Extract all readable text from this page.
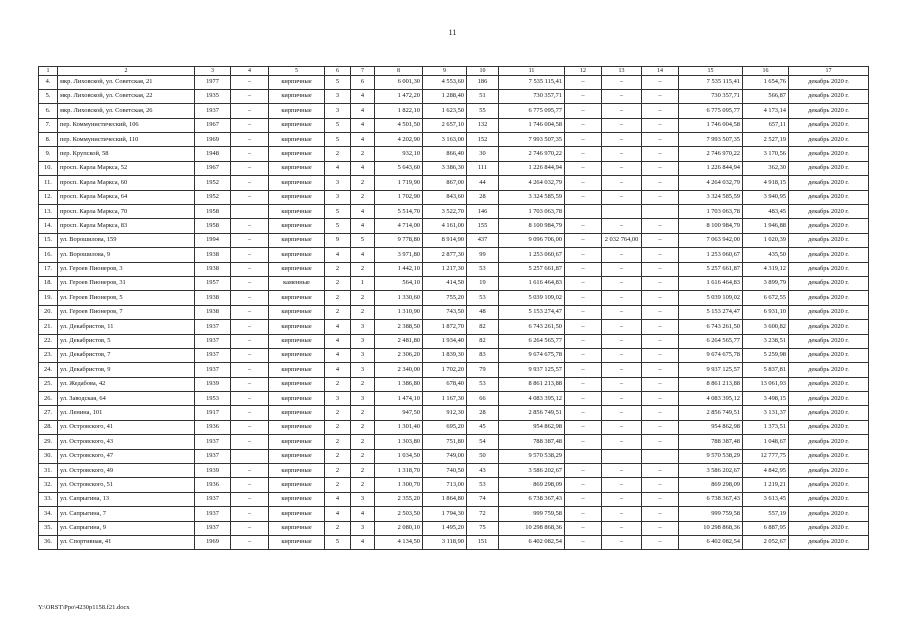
11
1	2	3	4	5	6	7	8	9	10	11	12	13	14	15	16	17
4.	мкр. Лиховской, ул. Советская, 21	1977	–	кирпичные	5	6	6 001,30	4 553,60	186	7 535 115,41	–	–	–	7 535 115,41	1 654,76	декабрь 2020 г.
5.	мкр. Лиховской, ул. Советская, 22	1935	–	кирпичные	3	4	1 472,20	1 288,40	51	730 357,71	–	–	–	730 357,71	566,87	декабрь 2020 г.
6.	мкр. Лиховской, ул. Советская, 26	1937	–	кирпичные	3	4	1 822,10	1 623,50	55	6 775 095,77	–	–	–	6 775 095,77	4 173,14	декабрь 2020 г.
7.	пер. Коммунистический, 106	1967	–	кирпичные	5	4	4 501,50	2 657,10	132	1 746 004,58	–	–	–	1 746 004,58	657,11	декабрь 2020 г.
8.	пер. Коммунистический, 110	1969	–	кирпичные	5	4	4 202,90	3 163,00	152	7 993 507,35	–	–	–	7 993 507,35	2 527,19	декабрь 2020 г.
9.	пер. Крупской, 58	1948	–	кирпичные	2	2	932,10	866,40	30	2 746 970,22	–	–	–	2 746 970,22	3 170,56	декабрь 2020 г.
10.	просп. Карла Маркса, 52	1967	–	кирпичные	4	4	5 643,60	3 386,30	111	1 226 844,94	–	–	–	1 226 844,94	362,30	декабрь 2020 г.
11.	просп. Карла Маркса, 60	1952	–	кирпичные	3	2	1 719,90	867,00	44	4 264 032,79	–	–	–	4 264 032,79	4 918,15	декабрь 2020 г.
12.	просп. Карла Маркса, 64	1952	–	кирпичные	3	2	1 702,90	843,60	28	3 324 585,59	–	–	–	3 324 585,59	3 940,95	декабрь 2020 г.
13.	просп. Карла Маркса, 70	1958		кирпичные	5	4	5 514,70	3 522,70	146	1 703 063,78				1 703 063,78	483,45	декабрь 2020 г.
14.	просп. Карла Маркса, 83	1958	–	кирпичные	5	4	4 714,00	4 161,00	155	8 100 984,79	–	–	–	8 100 984,79	1 946,88	декабрь 2020 г.
15.	ул. Ворошилова, 159	1994	–	кирпичные	9	5	9 778,80	8 914,90	437	9 096 706,00	–	2 032 764,00	–	7 063 942,00	1 020,39	декабрь 2020 г.
16.	ул. Ворошилова, 9	1938	–	кирпичные	4	4	3 971,80	2 877,30	99	1 253 060,67	–	–	–	1 253 060,67	435,50	декабрь 2020 г.
17.	ул. Героев Пионеров, 3	1938	–	кирпичные	2	2	1 442,10	1 217,30	53	5 257 661,87	–	–	–	5 257 661,87	4 319,12	декабрь 2020 г.
18.	ул. Героев Пионеров, 31	1957	–	каменные	2	1	564,10	414,50	19	1 616 464,83	–	–	–	1 616 464,83	3 899,79	декабрь 2020 г.
19.	ул. Героев Пионеров, 5	1938	–	кирпичные	2	2	1 330,60	755,20	53	5 039 109,02	–	–	–	5 039 109,02	6 672,55	декабрь 2020 г.
20.	ул. Героев Пионеров, 7	1938	–	кирпичные	2	2	1 310,90	743,50	48	5 153 274,47	–	–	–	5 153 274,47	6 931,10	декабрь 2020 г.
21.	ул. Декабристов, 11	1937	–	кирпичные	4	3	2 388,50	1 872,70	82	6 743 261,50	–	–	–	6 743 261,50	3 600,82	декабрь 2020 г.
22.	ул. Декабристов, 5	1937	–	кирпичные	4	3	2 481,80	1 934,40	82	6 264 565,77	–	–	–	6 264 565,77	3 238,51	декабрь 2020 г.
23.	ул. Декабристов, 7	1937	–	кирпичные	4	3	2 306,20	1 839,30	83	9 674 675,78	–	–	–	9 674 675,78	5 259,98	декабрь 2020 г.
24.	ул. Декабристов, 9	1937	–	кирпичные	4	3	2 340,00	1 702,20	79	9 937 125,57	–	–	–	9 937 125,57	5 837,81	декабрь 2020 г.
25.	ул. Жедабова, 42	1939	–	кирпичные	2	2	1 386,80	678,40	53	8 861 213,88	–	–	–	8 861 213,88	13 061,93	декабрь 2020 г.
26.	ул. Заводская, 64	1953	–	кирпичные	3	3	1 474,10	1 167,30	66	4 083 395,12	–	–	–	4 083 395,12	3 498,15	декабрь 2020 г.
27.	ул. Ленина, 101	1917	–	кирпичные	2	2	947,50	912,30	28	2 856 749,51	–	–	–	2 856 749,51	3 131,37	декабрь 2020 г.
28.	ул. Островского, 41	1936	–	кирпичные	2	2	1 301,40	695,20	45	954 862,98	–	–	–	954 862,98	1 373,51	декабрь 2020 г.
29.	ул. Островского, 43	1937	–	кирпичные	2	2	1 303,80	751,80	54	788 387,48	–	–	–	788 387,48	1 048,67	декабрь 2020 г.
30.	ул. Островского, 47	1937		кирпичные	2	2	1 034,50	749,00	50	9 570 538,29				9 570 538,29	12 777,75	декабрь 2020 г.
31.	ул. Островского, 49	1939	–	кирпичные	2	2	1 318,70	740,50	43	3 586 202,67	–	–	–	3 586 202,67	4 842,95	декабрь 2020 г.
32.	ул. Островского, 51	1936	–	кирпичные	2	2	1 300,70	713,00	53	869 298,09	–	–	–	869 298,09	1 219,21	декабрь 2020 г.
33.	ул. Сапрыгина, 13	1937	–	кирпичные	4	3	2 355,20	1 864,80	74	6 738 367,43	–	–	–	6 738 367,43	3 613,45	декабрь 2020 г.
34.	ул. Сапрыгина, 7	1937	–	кирпичные	4	4	2 503,50	1 794,30	72	999 759,58	–	–	–	999 759,58	557,19	декабрь 2020 г.
35.	ул. Сапрыгина, 9	1937	–	кирпичные	2	3	2 080,10	1 495,20	75	10 298 868,36	–	–	–	10 298 868,36	6 887,95	декабрь 2020 г.
36.	ул. Спортивная, 41	1969	–	кирпичные	5	4	4 134,50	3 118,90	151	6 402 082,54	–	–	–	6 402 082,54	2 052,67	декабрь 2020 г.
Y:\ORST\Ppo\4230p1158.f21.docx
